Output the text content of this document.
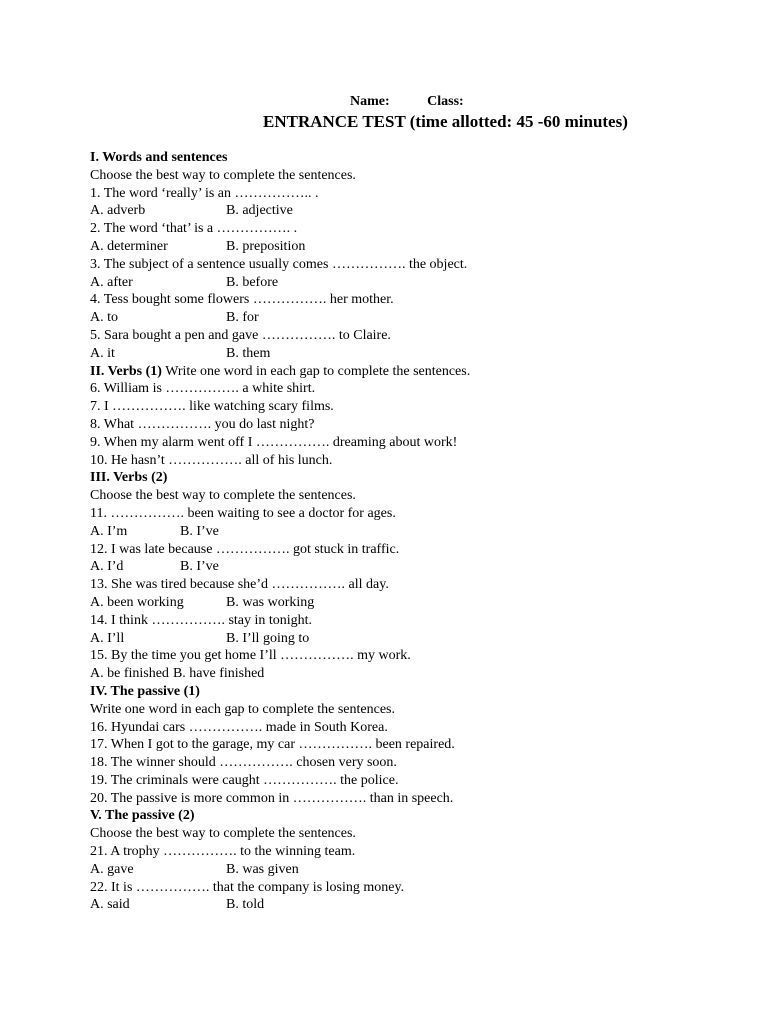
Name:	Class:
ENTRANCE TEST (time allotted: 45 -60 minutes)
I. Words and sentences
Choose the best way to complete the sentences.
1. The word ‘really’ is an …………….. .
A. adverb	B. adjective
2. The word ‘that’ is a ……………. .
A. determiner	B. preposition
3. The subject of a sentence usually comes ……………. the object.
A. after	B. before
4. Tess bought some flowers ……………. her mother.
A. to	B. for
5. Sara bought a pen and gave ……………. to Claire.
A. it	B. them
II. Verbs (1) Write one word in each gap to complete the sentences.
6. William is ……………. a white shirt.
7. I ……………. like watching scary films.
8. What ……………. you do last night?
9. When my alarm went off I ……………. dreaming about work!
10. He hasn’t ……………. all of his lunch.
III. Verbs (2)
Choose the best way to complete the sentences.
11. ……………. been waiting to see a doctor for ages.
A. I’m	B. I’ve
12. I was late because ……………. got stuck in traffic.
A. I’d	B. I’ve
13. She was tired because she’d ……………. all day.
A. been working	B. was working
14. I think ……………. stay in tonight.
A. I’ll	B. I’ll going to
15. By the time you get home I’ll ……………. my work.
A. be finished B. have finished
IV. The passive (1)
Write one word in each gap to complete the sentences.
16. Hyundai cars ……………. made in South Korea.
17. When I got to the garage, my car ……………. been repaired.
18. The winner should ……………. chosen very soon.
19. The criminals were caught ……………. the police.
20. The passive is more common in ……………. than in speech.
V. The passive (2)
Choose the best way to complete the sentences.
21. A trophy ……………. to the winning team.
A. gave	B. was given
22. It is ……………. that the company is losing money.
A. said	B. told
